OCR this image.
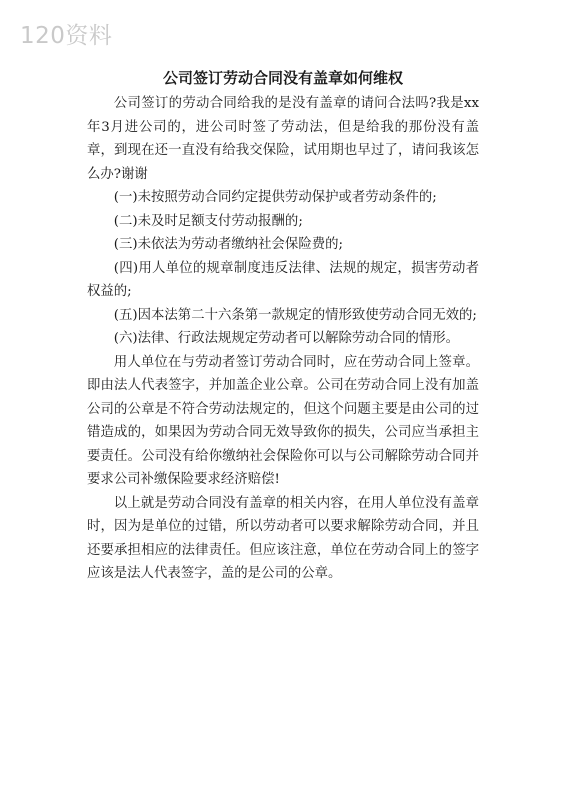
120资料
公司签订劳动合同没有盖章如何维权

公司签订的劳动合同给我的是没有盖章的请问合法吗?我是xx年3月进公司的，进公司时签了劳动法，但是给我的那份没有盖章，到现在还一直没有给我交保险，试用期也早过了，请问我该怎么办?谢谢

(一)未按照劳动合同约定提供劳动保护或者劳动条件的;
(二)未及时足额支付劳动报酬的;
(三)未依法为劳动者缴纳社会保险费的;
(四)用人单位的规章制度违反法律、法规的规定，损害劳动者权益的;
(五)因本法第二十六条第一款规定的情形致使劳动合同无效的;
(六)法律、行政法规规定劳动者可以解除劳动合同的情形。

用人单位在与劳动者签订劳动合同时，应在劳动合同上签章。即由法人代表签字，并加盖企业公章。公司在劳动合同上没有加盖公司的公章是不符合劳动法规定的，但这个问题主要是由公司的过错造成的，如果因为劳动合同无效导致你的损失，公司应当承担主要责任。公司没有给你缴纳社会保险你可以与公司解除劳动合同并要求公司补缴保险要求经济赔偿!

以上就是劳动合同没有盖章的相关内容，在用人单位没有盖章时，因为是单位的过错，所以劳动者可以要求解除劳动合同，并且还要承担相应的法律责任。但应该注意，单位在劳动合同上的签字应该是法人代表签字，盖的是公司的公章。
